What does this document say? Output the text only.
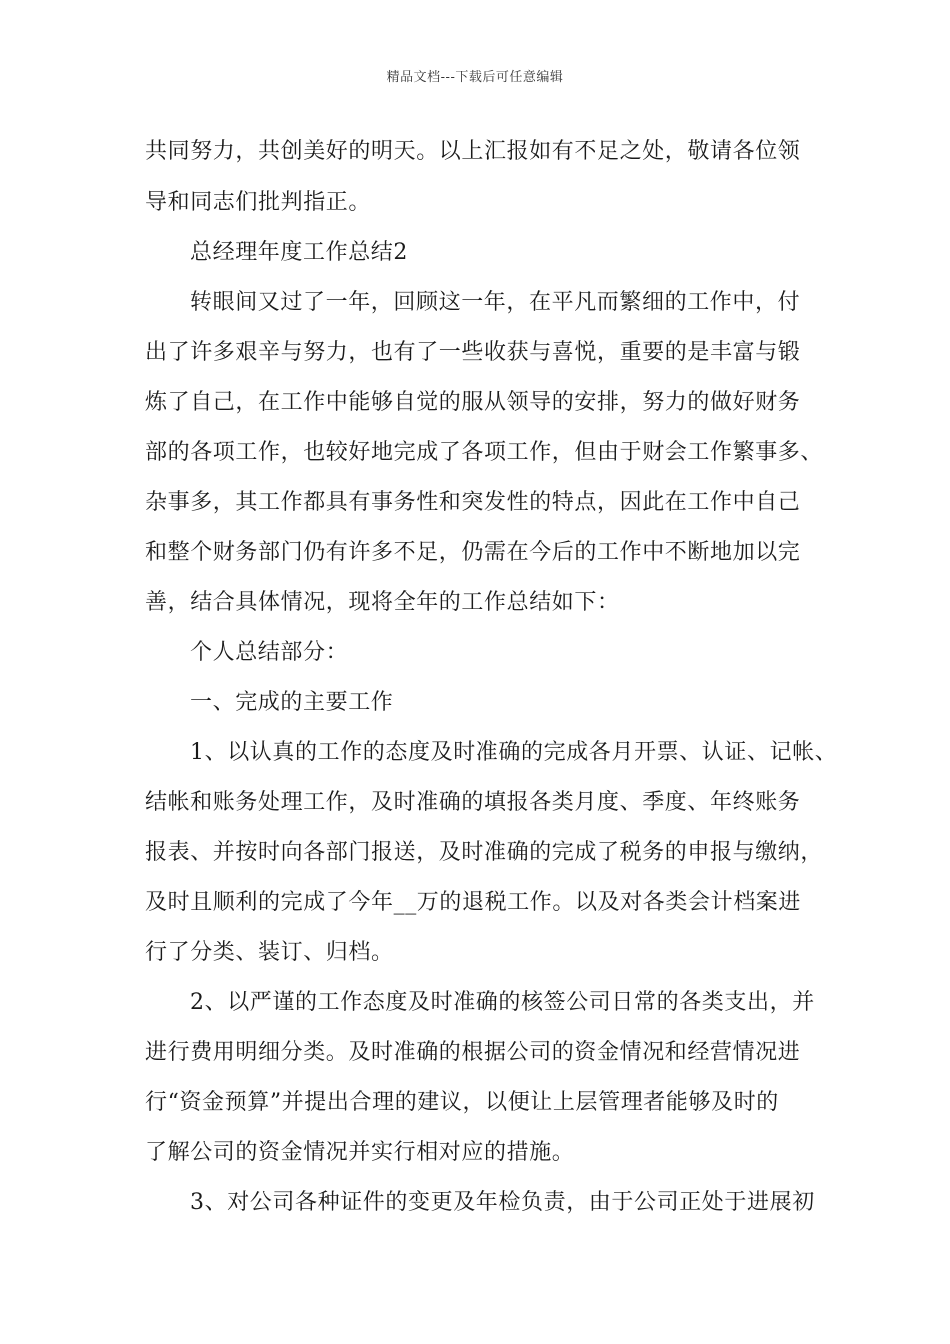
精品文档---下载后可任意编辑
共同努力，共创美好的明天。以上汇报如有不足之处，敬请各位领
导和同志们批判指正。
总经理年度工作总结2
转眼间又过了一年，回顾这一年，在平凡而繁细的工作中，付
出了许多艰辛与努力，也有了一些收获与喜悦，重要的是丰富与锻
炼了自己，在工作中能够自觉的服从领导的安排，努力的做好财务
部的各项工作，也较好地完成了各项工作，但由于财会工作繁事多、
杂事多，其工作都具有事务性和突发性的特点，因此在工作中自己
和整个财务部门仍有许多不足，仍需在今后的工作中不断地加以完
善，结合具体情况，现将全年的工作总结如下：
个人总结部分：
一、完成的主要工作
1、以认真的工作的态度及时准确的完成各月开票、认证、记帐、
结帐和账务处理工作，及时准确的填报各类月度、季度、年终账务
报表、并按时向各部门报送，及时准确的完成了税务的申报与缴纳，
及时且顺利的完成了今年__万的退税工作。以及对各类会计档案进
行了分类、装订、归档。
2、以严谨的工作态度及时准确的核签公司日常的各类支出，并
进行费用明细分类。及时准确的根据公司的资金情况和经营情况进
行“资金预算”并提出合理的建议，以便让上层管理者能够及时的
了解公司的资金情况并实行相对应的措施。
3、对公司各种证件的变更及年检负责，由于公司正处于进展初
